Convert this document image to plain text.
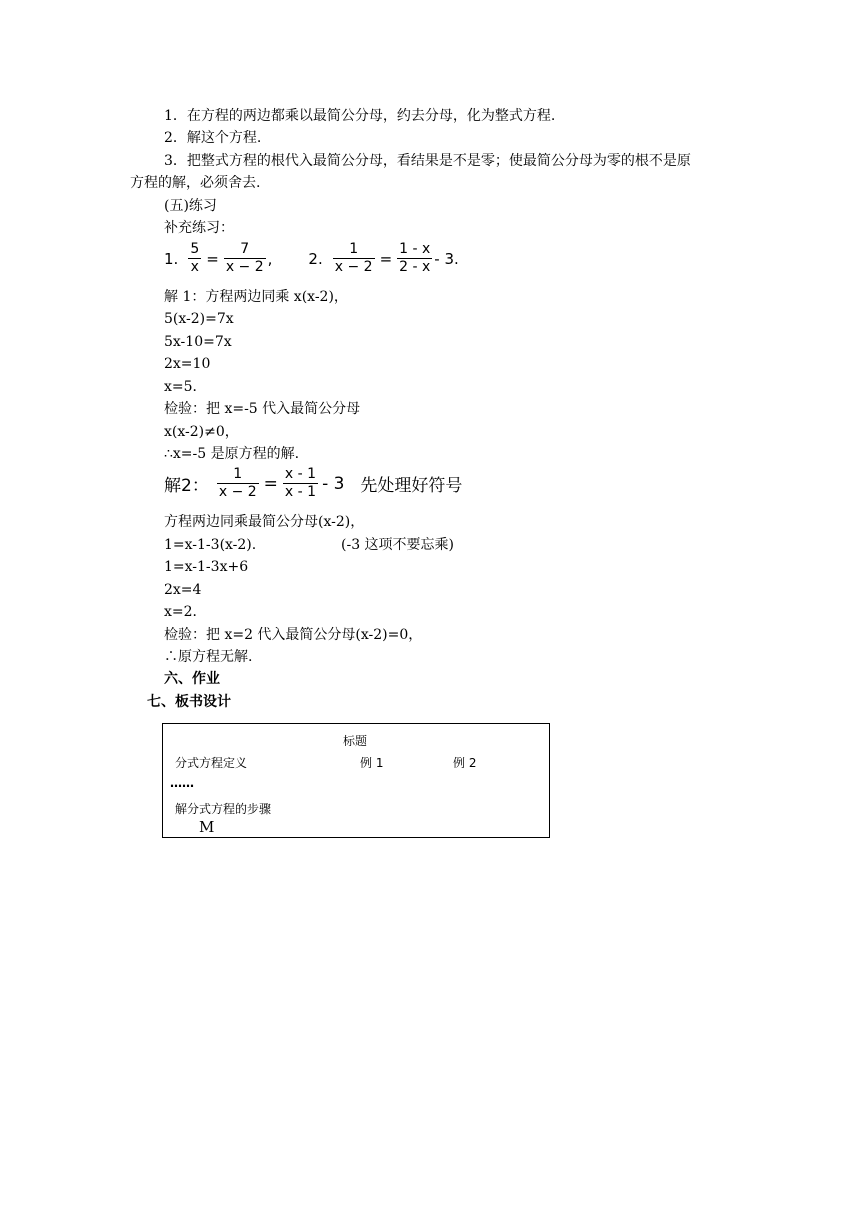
1．在方程的两边都乘以最简公分母，约去分母，化为整式方程.
2．解这个方程.
3．把整式方程的根代入最简公分母，看结果是不是零；使最简公分母为零的根不是原
方程的解，必须舍去.
(五)练习
补充练习：
1. $\frac{5}{x} = \frac{7}{x - 2}$ , 2. $\frac{1}{x - 2} = \frac{1 - x}{2 - x} - 3$.
解 1：方程两边同乘 x(x-2)，
5(x-2)=7x
5x-10=7x
2x=10
x=5．
检验：把 x=-5 代入最简公分母
x(x-2)≠0，
∴x=-5 是原方程的解.
解2： $\frac{1}{x - 2} = \frac{x - 1}{x - 1} - 3$ 先处理好符号
方程两边同乘最简公分母(x-2)，
1=x-1-3(x-2).	(-3 这项不要忘乘)
1=x-1-3x+6
2x=4
x=2．
检验：把 x=2 代入最简公分母(x-2)=0，
∴原方程无解.
六、作业
七、板书设计
标题
分式方程定义	例 1	例 2
……
解分式方程的步骤
M
